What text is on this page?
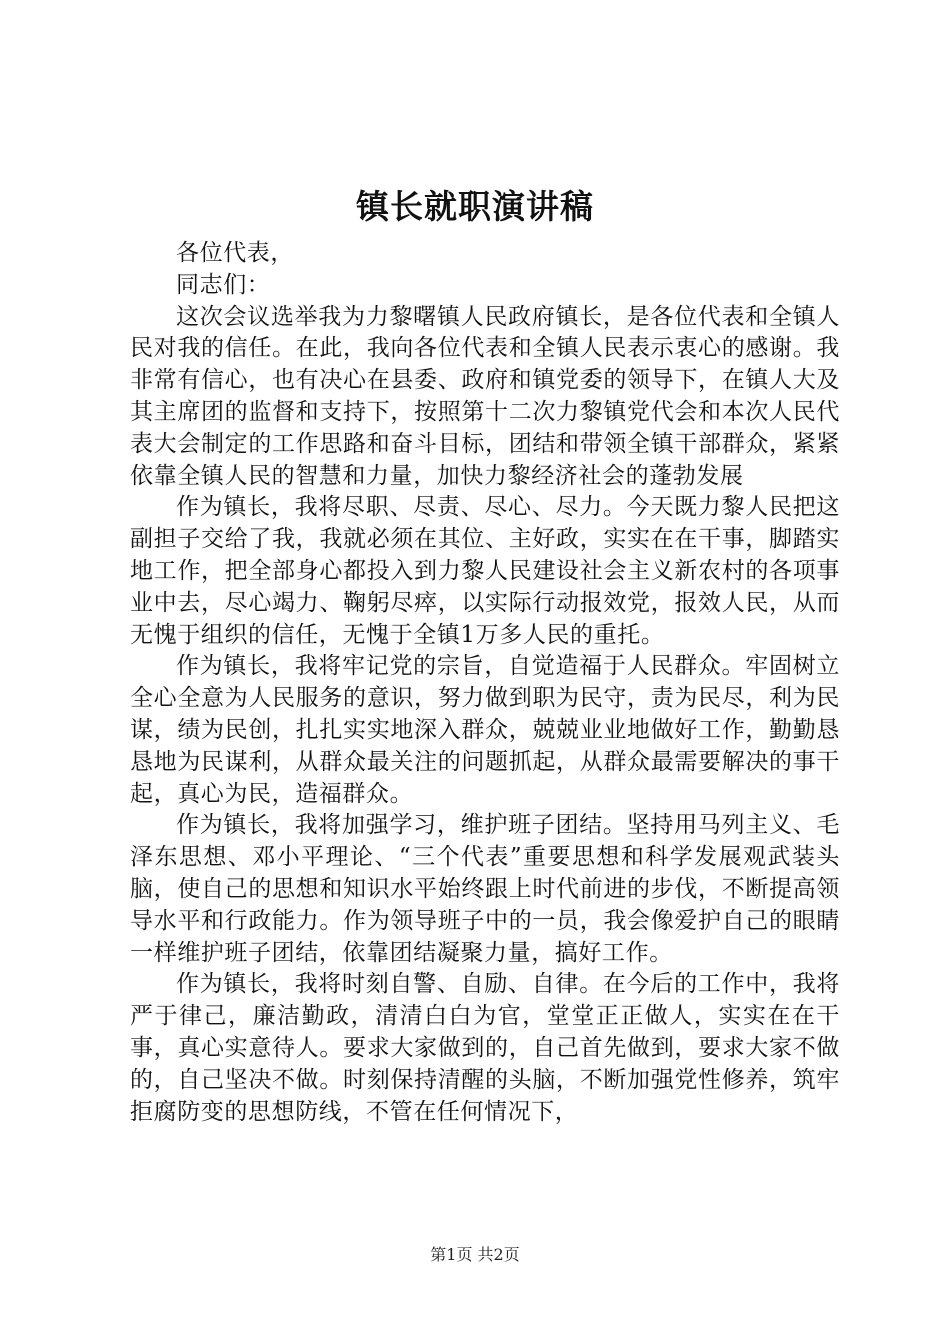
镇长就职演讲稿

各位代表，

同志们：

这次会议选举我为力黎曙镇人民政府镇长，是各位代表和全镇人民对我的信任。在此，我向各位代表和全镇人民表示衷心的感谢。我非常有信心，也有决心在县委、政府和镇党委的领导下，在镇人大及其主席团的监督和支持下，按照第十二次力黎镇党代会和本次人民代表大会制定的工作思路和奋斗目标，团结和带领全镇干部群众，紧紧依靠全镇人民的智慧和力量，加快力黎经济社会的蓬勃发展

作为镇长，我将尽职、尽责、尽心、尽力。今天既力黎人民把这副担子交给了我，我就必须在其位、主好政，实实在在干事，脚踏实地工作，把全部身心都投入到力黎人民建设社会主义新农村的各项事业中去，尽心竭力、鞠躬尽瘁，以实际行动报效党，报效人民，从而无愧于组织的信任，无愧于全镇1万多人民的重托。

作为镇长，我将牢记党的宗旨，自觉造福于人民群众。牢固树立全心全意为人民服务的意识，努力做到职为民守，责为民尽，利为民谋，绩为民创，扎扎实实地深入群众，兢兢业业地做好工作，勤勤恳恳地为民谋利，从群众最关注的问题抓起，从群众最需要解决的事干起，真心为民，造福群众。

作为镇长，我将加强学习，维护班子团结。坚持用马列主义、毛泽东思想、邓小平理论、“三个代表”重要思想和科学发展观武装头脑，使自己的思想和知识水平始终跟上时代前进的步伐，不断提高领导水平和行政能力。作为领导班子中的一员，我会像爱护自己的眼睛一样维护班子团结，依靠团结凝聚力量，搞好工作。

作为镇长，我将时刻自警、自励、自律。在今后的工作中，我将严于律己，廉洁勤政，清清白白为官，堂堂正正做人，实实在在干事，真心实意待人。要求大家做到的，自己首先做到，要求大家不做的，自己坚决不做。时刻保持清醒的头脑，不断加强党性修养，筑牢拒腐防变的思想防线，不管在任何情况下，

第1页 共2页
